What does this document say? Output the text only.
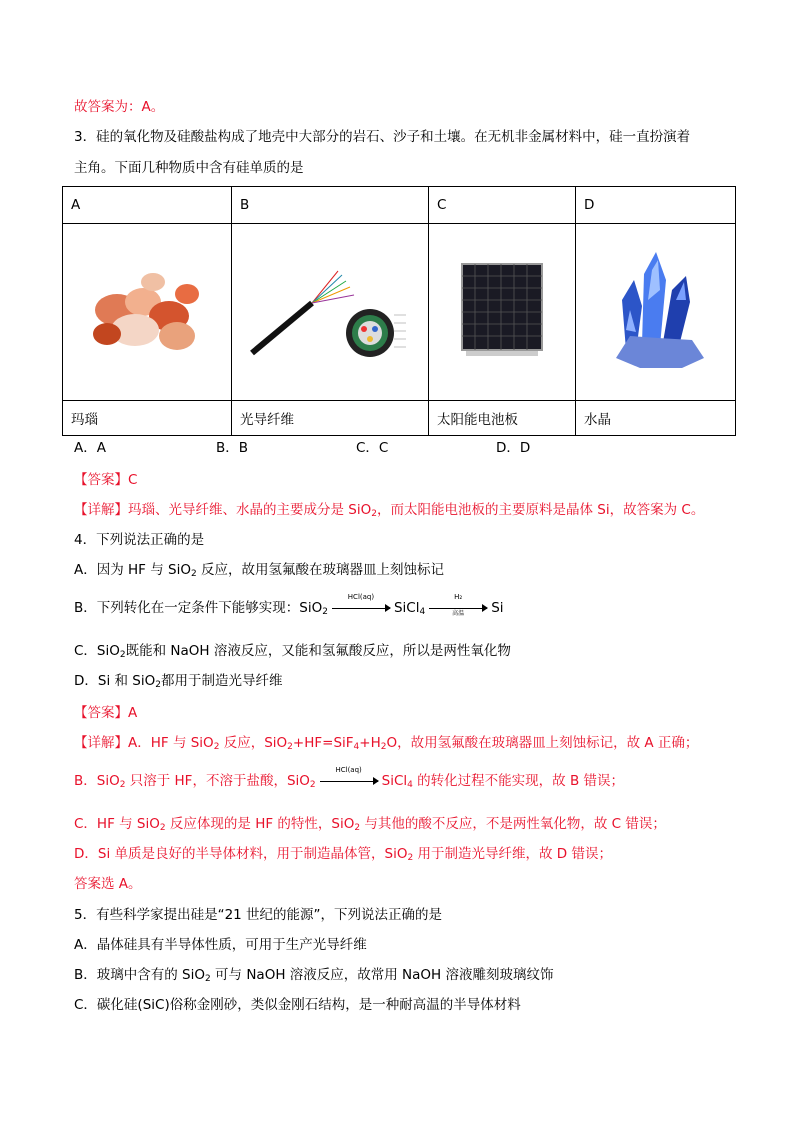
故答案为：A。
3．硅的氧化物及硅酸盐构成了地壳中大部分的岩石、沙子和土壤。在无机非金属材料中，硅一直扮演着
主角。下面几种物质中含有硅单质的是
A	B	C	D

玛瑙	光导纤维	太阳能电池板	水晶
A．A	B．B	C．C	D．D
【答案】C
【详解】玛瑙、光导纤维、水晶的主要成分是 SiO$_2$，而太阳能电池板的主要原料是晶体 Si，故答案为 C。
4．下列说法正确的是
A．因为 HF 与 SiO$_2$ 反应，故用氢氟酸在玻璃器皿上刻蚀标记
B．下列转化在一定条件下能够实现：SiO$_2$
HCl(aq)
SiCl$_4$
H₂
高温	Si
C．SiO$_2$既能和 NaOH 溶液反应，又能和氢氟酸反应，所以是两性氧化物
D．Si 和 SiO$_2$都用于制造光导纤维
【答案】A
【详解】A．HF 与 SiO$_2$ 反应，$SiO_2+HF=SiF_4+H_2O$，故用氢氟酸在玻璃器皿上刻蚀标记，故 A 正确；
B．SiO$_2$ 只溶于 HF，不溶于盐酸，SiO$_2$
HCl(aq)
SiCl$_4$ 的转化过程不能实现，故 B 错误；
C．HF 与 SiO$_2$ 反应体现的是 HF 的特性，SiO$_2$ 与其他的酸不反应，不是两性氧化物，故 C 错误；
D．Si 单质是良好的半导体材料，用于制造晶体管，SiO$_2$ 用于制造光导纤维，故 D 错误；
答案选 A。
5．有些科学家提出硅是“21 世纪的能源”，下列说法正确的是
A．晶体硅具有半导体性质，可用于生产光导纤维
B．玻璃中含有的 SiO$_2$ 可与 NaOH 溶液反应，故常用 NaOH 溶液雕刻玻璃纹饰
C．碳化硅(SiC)俗称金刚砂，类似金刚石结构，是一种耐高温的半导体材料
